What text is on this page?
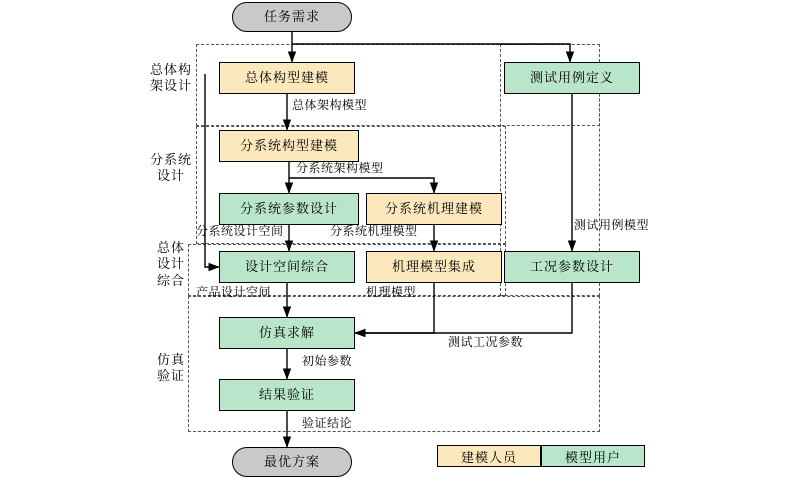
任务需求
最优方案
总体构
架设计
分系统
设计
总体
设计
综合
仿真
验证
总体构型建模	测试用例定义
分系统构型建模
分系统参数设计	分系统机理建模
设计空间综合	机理模型集成	工况参数设计
仿真求解
结果验证
总体架构模型
分系统架构模型
分系统设计空间	分系统机理模型	测试用例模型
产品设计空间	机理模型
测试工况参数
初始参数
验证结论
建模人员	模型用户
